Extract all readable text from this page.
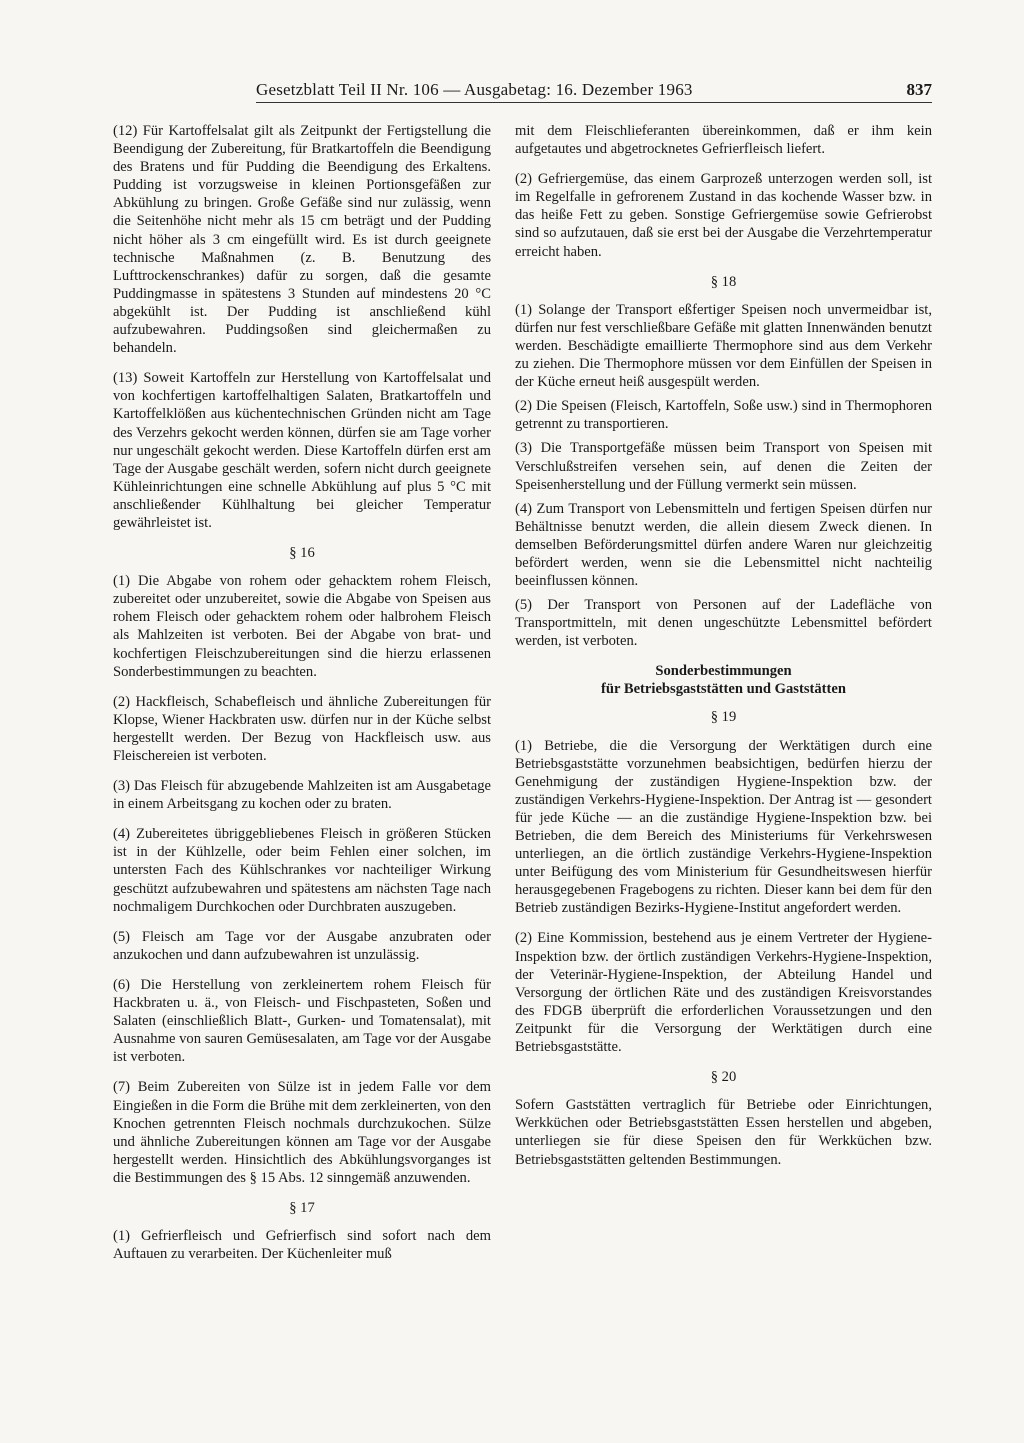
Gesetzblatt Teil II Nr. 106 — Ausgabetag: 16. Dezember 1963	837

(12) Für Kartoffelsalat gilt als Zeitpunkt der Fertigstellung die Beendigung der Zubereitung, für Bratkartoffeln die Beendigung des Bratens und für Pudding die Beendigung des Erkaltens. Pudding ist vorzugsweise in kleinen Portionsgefäßen zur Abkühlung zu bringen. Große Gefäße sind nur zulässig, wenn die Seitenhöhe nicht mehr als 15 cm beträgt und der Pudding nicht höher als 3 cm eingefüllt wird. Es ist durch geeignete technische Maßnahmen (z. B. Benutzung des Lufttrockenschrankes) dafür zu sorgen, daß die gesamte Puddingmasse in spätestens 3 Stunden auf mindestens 20 °C abgekühlt ist. Der Pudding ist anschließend kühl aufzubewahren. Puddingsoßen sind gleichermaßen zu behandeln.

(13) Soweit Kartoffeln zur Herstellung von Kartoffelsalat und von kochfertigen kartoffelhaltigen Salaten, Bratkartoffeln und Kartoffelklößen aus küchentechnischen Gründen nicht am Tage des Verzehrs gekocht werden können, dürfen sie am Tage vorher nur ungeschält gekocht werden. Diese Kartoffeln dürfen erst am Tage der Ausgabe geschält werden, sofern nicht durch geeignete Kühleinrichtungen eine schnelle Abkühlung auf plus 5 °C mit anschließender Kühlhaltung bei gleicher Temperatur gewährleistet ist.

§ 16

(1) Die Abgabe von rohem oder gehacktem rohem Fleisch, zubereitet oder unzubereitet, sowie die Abgabe von Speisen aus rohem Fleisch oder gehacktem rohem oder halbrohem Fleisch als Mahlzeiten ist verboten. Bei der Abgabe von brat- und kochfertigen Fleischzubereitungen sind die hierzu erlassenen Sonderbestimmungen zu beachten.

(2) Hackfleisch, Schabefleisch und ähnliche Zubereitungen für Klopse, Wiener Hackbraten usw. dürfen nur in der Küche selbst hergestellt werden. Der Bezug von Hackfleisch usw. aus Fleischereien ist verboten.

(3) Das Fleisch für abzugebende Mahlzeiten ist am Ausgabetage in einem Arbeitsgang zu kochen oder zu braten.

(4) Zubereitetes übriggebliebenes Fleisch in größeren Stücken ist in der Kühlzelle, oder beim Fehlen einer solchen, im untersten Fach des Kühlschrankes vor nachteiliger Wirkung geschützt aufzubewahren und spätestens am nächsten Tage nach nochmaligem Durchkochen oder Durchbraten auszugeben.

(5) Fleisch am Tage vor der Ausgabe anzubraten oder anzukochen und dann aufzubewahren ist unzulässig.

(6) Die Herstellung von zerkleinertem rohem Fleisch für Hackbraten u. ä., von Fleisch- und Fischpasteten, Soßen und Salaten (einschließlich Blatt-, Gurken- und Tomatensalat), mit Ausnahme von sauren Gemüsesalaten, am Tage vor der Ausgabe ist verboten.

(7) Beim Zubereiten von Sülze ist in jedem Falle vor dem Eingießen in die Form die Brühe mit dem zerkleinerten, von den Knochen getrennten Fleisch nochmals durchzukochen. Sülze und ähnliche Zubereitungen können am Tage vor der Ausgabe hergestellt werden. Hinsichtlich des Abkühlungsvorganges ist die Bestimmungen des § 15 Abs. 12 sinngemäß anzuwenden.

§ 17

(1) Gefrierfleisch und Gefrierfisch sind sofort nach dem Auftauen zu verarbeiten. Der Küchenleiter muß

mit dem Fleischlieferanten übereinkommen, daß er ihm kein aufgetautes und abgetrocknetes Gefrierfleisch liefert.

(2) Gefriergemüse, das einem Garprozeß unterzogen werden soll, ist im Regelfalle in gefrorenem Zustand in das kochende Wasser bzw. in das heiße Fett zu geben. Sonstige Gefriergemüse sowie Gefrierobst sind so aufzutauen, daß sie erst bei der Ausgabe die Verzehrtemperatur erreicht haben.

§ 18

(1) Solange der Transport eßfertiger Speisen noch unvermeidbar ist, dürfen nur fest verschließbare Gefäße mit glatten Innenwänden benutzt werden. Beschädigte emaillierte Thermophore sind aus dem Verkehr zu ziehen. Die Thermophore müssen vor dem Einfüllen der Speisen in der Küche erneut heiß ausgespült werden.

(2) Die Speisen (Fleisch, Kartoffeln, Soße usw.) sind in Thermophoren getrennt zu transportieren.

(3) Die Transportgefäße müssen beim Transport von Speisen mit Verschlußstreifen versehen sein, auf denen die Zeiten der Speisenherstellung und der Füllung vermerkt sein müssen.

(4) Zum Transport von Lebensmitteln und fertigen Speisen dürfen nur Behältnisse benutzt werden, die allein diesem Zweck dienen. In demselben Beförderungsmittel dürfen andere Waren nur gleichzeitig befördert werden, wenn sie die Lebensmittel nicht nachteilig beeinflussen können.

(5) Der Transport von Personen auf der Ladefläche von Transportmitteln, mit denen ungeschützte Lebensmittel befördert werden, ist verboten.

Sonderbestimmungen
für Betriebsgaststätten und Gaststätten
§ 19

(1) Betriebe, die die Versorgung der Werktätigen durch eine Betriebsgaststätte vorzunehmen beabsichtigen, bedürfen hierzu der Genehmigung der zuständigen Hygiene-Inspektion bzw. der zuständigen Verkehrs-Hygiene-Inspektion. Der Antrag ist — gesondert für jede Küche — an die zuständige Hygiene-Inspektion bzw. bei Betrieben, die dem Bereich des Ministeriums für Verkehrswesen unterliegen, an die örtlich zuständige Verkehrs-Hygiene-Inspektion unter Beifügung des vom Ministerium für Gesundheitswesen hierfür herausgegebenen Fragebogens zu richten. Dieser kann bei dem für den Betrieb zuständigen Bezirks-Hygiene-Institut angefordert werden.

(2) Eine Kommission, bestehend aus je einem Vertreter der Hygiene-Inspektion bzw. der örtlich zuständigen Verkehrs-Hygiene-Inspektion, der Veterinär-Hygiene-Inspektion, der Abteilung Handel und Versorgung der örtlichen Räte und des zuständigen Kreisvorstandes des FDGB überprüft die erforderlichen Voraussetzungen und den Zeitpunkt für die Versorgung der Werktätigen durch eine Betriebsgaststätte.

§ 20

Sofern Gaststätten vertraglich für Betriebe oder Einrichtungen, Werkküchen oder Betriebsgaststätten Essen herstellen und abgeben, unterliegen sie für diese Speisen den für Werkküchen bzw. Betriebsgaststätten geltenden Bestimmungen.
